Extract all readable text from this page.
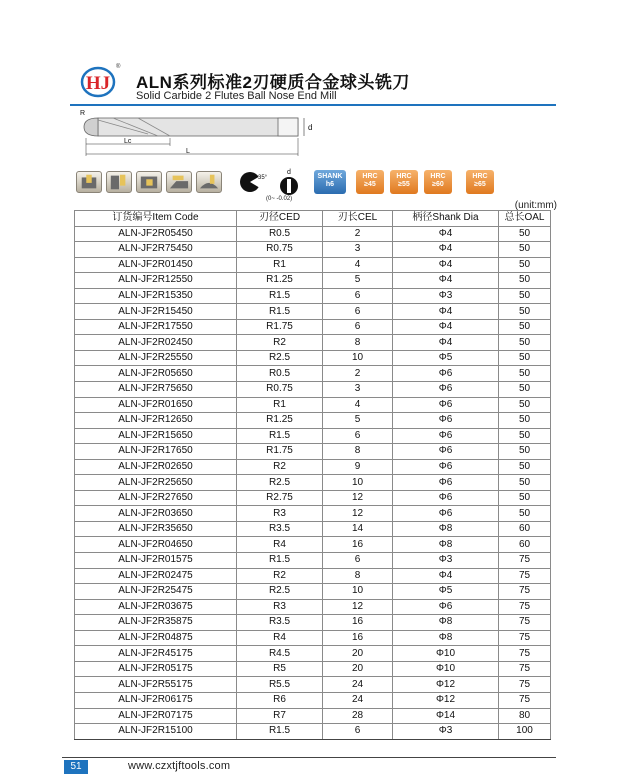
HJ
®
ALN系列标准2刃硬质合金球头铣刀
Solid Carbide 2 Flutes Ball Nose End Mill
R
d
Lc
L
35°
d
(0~ -0.02)
SHANK
h6
HRC
≥45
HRC
≥55
HRC
≥60
HRC
≥65
(unit:mm)
订货编号Item Code	刃径CED	刃长CEL	柄径Shank Dia	总长OAL
ALN-JF2R05450	R0.5	2	Φ4	50
ALN-JF2R75450	R0.75	3	Φ4	50
ALN-JF2R01450	R1	4	Φ4	50
ALN-JF2R12550	R1.25	5	Φ4	50
ALN-JF2R15350	R1.5	6	Φ3	50
ALN-JF2R15450	R1.5	6	Φ4	50
ALN-JF2R17550	R1.75	6	Φ4	50
ALN-JF2R02450	R2	8	Φ4	50
ALN-JF2R25550	R2.5	10	Φ5	50
ALN-JF2R05650	R0.5	2	Φ6	50
ALN-JF2R75650	R0.75	3	Φ6	50
ALN-JF2R01650	R1	4	Φ6	50
ALN-JF2R12650	R1.25	5	Φ6	50
ALN-JF2R15650	R1.5	6	Φ6	50
ALN-JF2R17650	R1.75	8	Φ6	50
ALN-JF2R02650	R2	9	Φ6	50
ALN-JF2R25650	R2.5	10	Φ6	50
ALN-JF2R27650	R2.75	12	Φ6	50
ALN-JF2R03650	R3	12	Φ6	50
ALN-JF2R35650	R3.5	14	Φ8	60
ALN-JF2R04650	R4	16	Φ8	60
ALN-JF2R01575	R1.5	6	Φ3	75
ALN-JF2R02475	R2	8	Φ4	75
ALN-JF2R25475	R2.5	10	Φ5	75
ALN-JF2R03675	R3	12	Φ6	75
ALN-JF2R35875	R3.5	16	Φ8	75
ALN-JF2R04875	R4	16	Φ8	75
ALN-JF2R45175	R4.5	20	Φ10	75
ALN-JF2R05175	R5	20	Φ10	75
ALN-JF2R55175	R5.5	24	Φ12	75
ALN-JF2R06175	R6	24	Φ12	75
ALN-JF2R07175	R7	28	Φ14	80
ALN-JF2R15100	R1.5	6	Φ3	100
51	www.czxtjftools.com
